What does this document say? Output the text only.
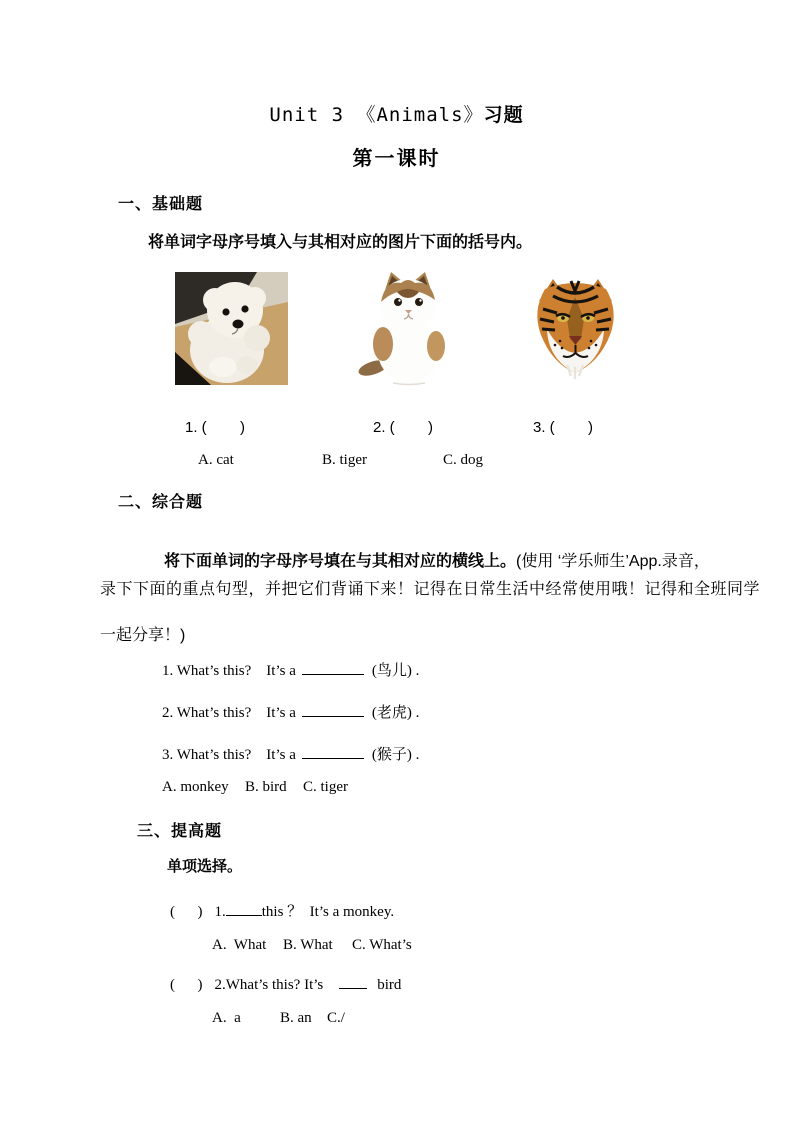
Unit 3 《Animals》习题
第一课时
一、基础题
将单词字母序号填入与其相对应的图片下面的括号内。
1. (        )	2. (        )	3. (        )
A. cat	B. tiger	C. dog
二、综合题

将下面单词的字母序号填在与其相对应的横线上。(使用 ‘学乐师生’App.录音，

录下下面的重点句型，并把它们背诵下来！记得在日常生活中经常使用哦！记得和全班同学
一起分享！)
1. What’s this? It’s a	(鸟儿) .
2. What’s this? It’s a	(老虎) .
3. What’s this? It’s a	(猴子) .
A. monkey B. bird C. tiger
三、提高题
单项选择。
(      ) 1. this ？  It’s a monkey.
A.  What B. What C. What’s
(      ) 2.What’s this? It’s	bird
A.  a	B. an C./
